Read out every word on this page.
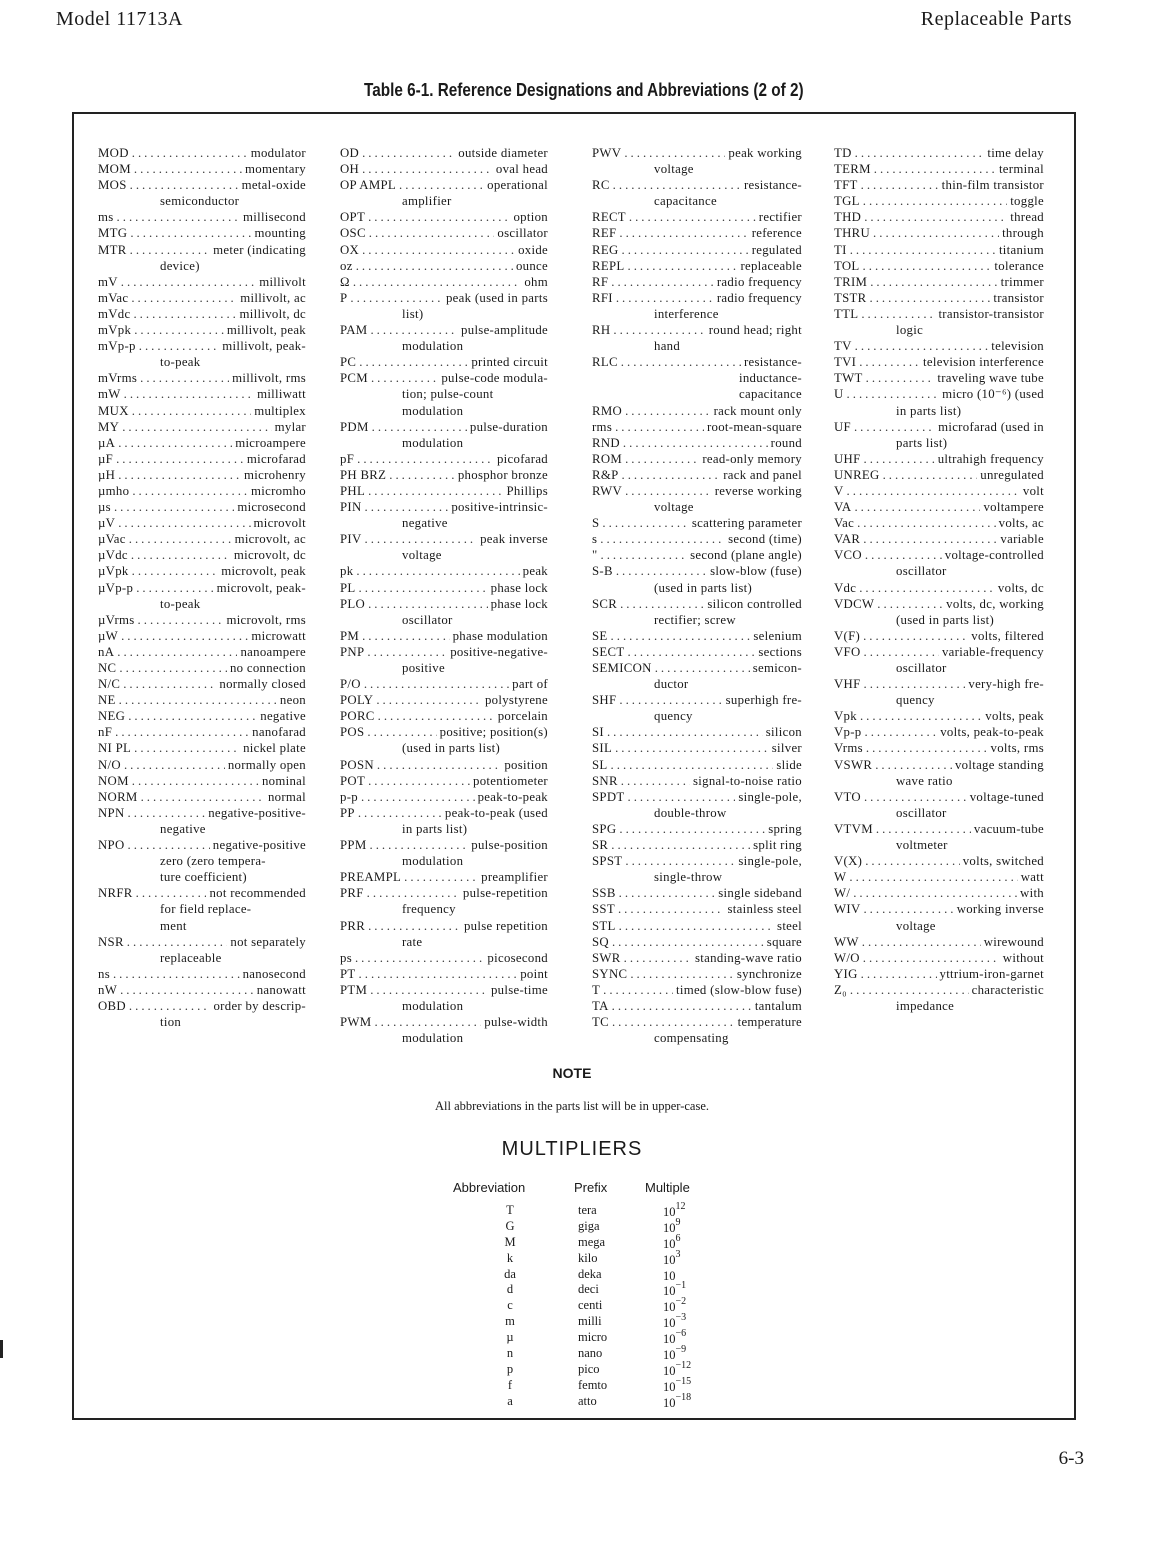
Model 11713A	Replaceable Parts
Table 6-1. Reference Designations and Abbreviations (2 of 2)
MOD .....	modulator
MOM .....	momentary
MOS .....	metal-oxide
semiconductor
ms .....	millisecond
MTG .....	mounting
MTR .....	meter (indicating
device)
mV .....	millivolt
mVac .....	millivolt, ac
mVdc .....	millivolt, dc
mVpk .....	millivolt, peak
mVp-p .....	millivolt, peak-
to-peak
mVrms .....	millivolt, rms
mW .....	milliwatt
MUX .....	multiplex
MY .....	mylar
µA .....	microampere
µF .....	microfarad
µH .....	microhenry
µmho .....	micromho
µs .....	microsecond
µV .....	microvolt
µVac .....	microvolt, ac
µVdc .....	microvolt, dc
µVpk .....	microvolt, peak
µVp-p .....	microvolt, peak-
to-peak
µVrms .....	microvolt, rms
µW .....	microwatt
nA .....	nanoampere
NC .....	no connection
N/C .....	normally closed
NE .....	neon
NEG .....	negative
nF .....	nanofarad
NI PL .....	nickel plate
N/O .....	normally open
NOM .....	nominal
NORM .....	normal
NPN .....	negative-positive-
negative
NPO .....	negative-positive
zero (zero tempera-
ture coefficient)
NRFR .....	not recommended
for field replace-
ment
NSR .....	not separately
replaceable
ns .....	nanosecond
nW .....	nanowatt
OBD .....	order by descrip-
tion
OD .....	outside diameter
OH .....	oval head
OP AMPL .....	operational
amplifier
OPT .....	option
OSC .....	oscillator
OX .....	oxide
oz .....	ounce
Ω .....	ohm
P .....	peak (used in parts
list)
PAM .....	pulse-amplitude
modulation
PC .....	printed circuit
PCM .....	pulse-code modula-
tion; pulse-count
modulation
PDM .....	pulse-duration
modulation
pF .....	picofarad
PH BRZ .....	phosphor bronze
PHL .....	Phillips
PIN .....	positive-intrinsic-
negative
PIV .....	peak inverse
voltage
pk .....	peak
PL .....	phase lock
PLO .....	phase lock
oscillator
PM .....	phase modulation
PNP .....	positive-negative-
positive
P/O .....	part of
POLY .....	polystyrene
PORC .....	porcelain
POS .....	positive; position(s)
(used in parts list)
POSN .....	position
POT .....	potentiometer
p-p .....	peak-to-peak
PP .....	peak-to-peak (used
in parts list)
PPM .....	pulse-position
modulation
PREAMPL .....	preamplifier
PRF .....	pulse-repetition
frequency
PRR .....	pulse repetition
rate
ps .....	picosecond
PT .....	point
PTM .....	pulse-time
modulation
PWM .....	pulse-width
modulation
PWV .....	peak working
voltage
RC .....	resistance-
capacitance
RECT .....	rectifier
REF .....	reference
REG .....	regulated
REPL .....	replaceable
RF .....	radio frequency
RFI .....	radio frequency
interference
RH .....	round head; right
hand
RLC .....	resistance-
inductance-
capacitance
RMO .....	rack mount only
rms .....	root-mean-square
RND .....	round
ROM .....	read-only memory
R&P .....	rack and panel
RWV .....	reverse working
voltage
S .....	scattering parameter
s .....	second (time)
" .....	second (plane angle)
S-B .....	slow-blow (fuse)
(used in parts list)
SCR .....	silicon controlled
rectifier; screw
SE .....	selenium
SECT .....	sections
SEMICON .....	semicon-
ductor
SHF .....	superhigh fre-
quency
SI .....	silicon
SIL .....	silver
SL .....	slide
SNR .....	signal-to-noise ratio
SPDT .....	single-pole,
double-throw
SPG .....	spring
SR .....	split ring
SPST .....	single-pole,
single-throw
SSB .....	single sideband
SST .....	stainless steel
STL .....	steel
SQ .....	square
SWR .....	standing-wave ratio
SYNC .....	synchronize
T .....	timed (slow-blow fuse)
TA .....	tantalum
TC .....	temperature
compensating
TD .....	time delay
TERM .....	terminal
TFT .....	thin-film transistor
TGL .....	toggle
THD .....	thread
THRU .....	through
TI .....	titanium
TOL .....	tolerance
TRIM .....	trimmer
TSTR .....	transistor
TTL .....	transistor-transistor
logic
TV .....	television
TVI .....	television interference
TWT .....	traveling wave tube
U .....	micro (10⁻⁶) (used
in parts list)
UF .....	microfarad (used in
parts list)
UHF .....	ultrahigh frequency
UNREG .....	unregulated
V .....	volt
VA .....	voltampere
Vac .....	volts, ac
VAR .....	variable
VCO .....	voltage-controlled
oscillator
Vdc .....	volts, dc
VDCW .....	volts, dc, working
(used in parts list)
V(F) .....	volts, filtered
VFO .....	variable-frequency
oscillator
VHF .....	very-high fre-
quency
Vpk .....	volts, peak
Vp-p .....	volts, peak-to-peak
Vrms .....	volts, rms
VSWR .....	voltage standing
wave ratio
VTO .....	voltage-tuned
oscillator
VTVM .....	vacuum-tube
voltmeter
V(X) .....	volts, switched
W .....	watt
W/ .....	with
WIV .....	working inverse
voltage
WW .....	wirewound
W/O .....	without
YIG .....	yttrium-iron-garnet
Z₀ .....	characteristic
impedance
NOTE
All abbreviations in the parts list will be in upper-case.
MULTIPLIERS
Abbreviation	Prefix	Multiple
T	tera	$10^{12}$
G	giga	$10^9$
M	mega	$10^6$
k	kilo	$10^3$
da	deka	10
d	deci	$10^{-1}$
c	centi	$10^{-2}$
m	milli	$10^{-3}$
µ	micro	$10^{-6}$
n	nano	$10^{-9}$
p	pico	$10^{-12}$
f	femto	$10^{-15}$
a	atto	$10^{-18}$
6-3
